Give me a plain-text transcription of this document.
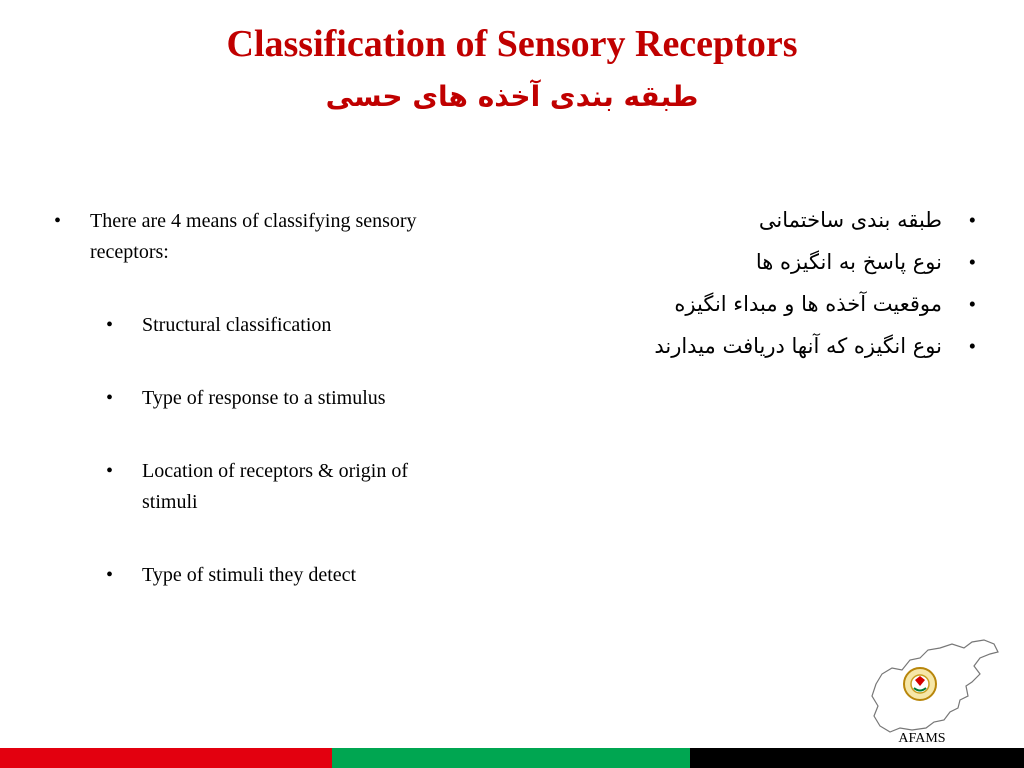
Classification of Sensory Receptors
طبقه بندی آخذه های حسی
• There are 4 means of classifying sensory receptors:
• Structural classification
• Type of response to a stimulus
• Location of receptors & origin of stimuli
• Type of stimuli they detect
•
طبقه بندی ساختمانی
•
نوع پاسخ به انگیزه ها
•
موقعیت آخذه ها و مبداء انگیزه
•
نوع انگیزه که آنها دریافت میدارند
AFAMS
